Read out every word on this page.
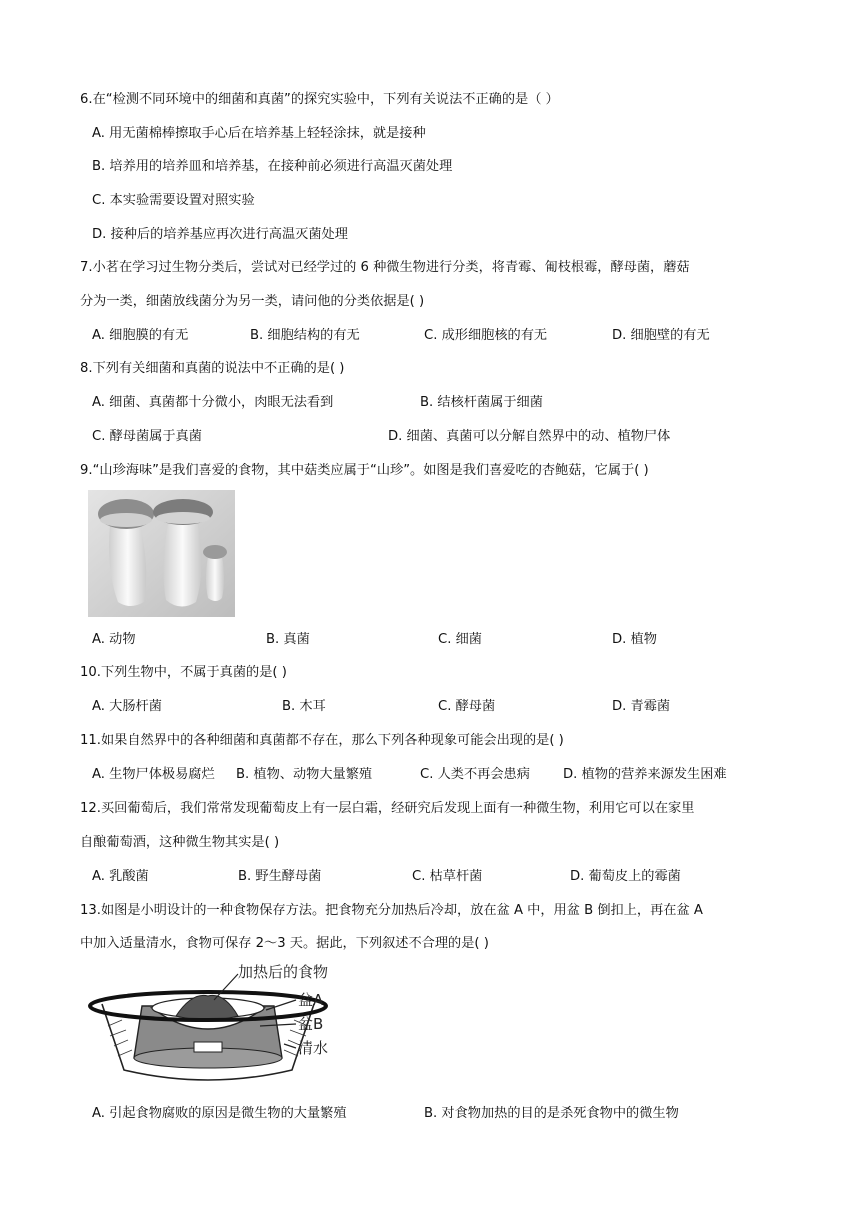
6.在“检测不同环境中的细菌和真菌”的探究实验中，下列有关说法不正确的是（ ）
A. 用无菌棉棒擦取手心后在培养基上轻轻涂抹，就是接种
B. 培养用的培养皿和培养基，在接种前必须进行高温灭菌处理
C. 本实验需要设置对照实验
D. 接种后的培养基应再次进行高温灭菌处理
7.小茗在学习过生物分类后，尝试对已经学过的 6 种微生物进行分类，将青霉、匍枝根霉，酵母菌，蘑菇
分为一类，细菌放线菌分为另一类，请问他的分类依据是( )
A. 细胞膜的有无	B. 细胞结构的有无	C. 成形细胞核的有无	D. 细胞壁的有无
8.下列有关细菌和真菌的说法中不正确的是( )
A. 细菌、真菌都十分微小，肉眼无法看到	B. 结核杆菌属于细菌
C. 酵母菌属于真菌	D. 细菌、真菌可以分解自然界中的动、植物尸体
9.“山珍海味”是我们喜爱的食物，其中菇类应属于“山珍”。如图是我们喜爱吃的杏鲍菇，它属于( )
A. 动物	B. 真菌	C. 细菌	D. 植物
10.下列生物中，不属于真菌的是( )
A. 大肠杆菌	B. 木耳	C. 酵母菌	D. 青霉菌
11.如果自然界中的各种细菌和真菌都不存在，那么下列各种现象可能会出现的是( )
A. 生物尸体极易腐烂 B. 植物、动物大量繁殖	C. 人类不再会患病	D. 植物的营养来源发生困难
12.买回葡萄后，我们常常发现葡萄皮上有一层白霜，经研究后发现上面有一种微生物，利用它可以在家里
自酿葡萄酒，这种微生物其实是( )
A. 乳酸菌	B. 野生酵母菌	C. 枯草杆菌	D. 葡萄皮上的霉菌
13.如图是小明设计的一种食物保存方法。把食物充分加热后冷却，放在盆 A 中，用盆 B 倒扣上，再在盆 A
中加入适量清水，食物可保存 2～3 天。据此，下列叙述不合理的是( )
加热后的食物
盆A
盆B
清水
A. 引起食物腐败的原因是微生物的大量繁殖	B. 对食物加热的目的是杀死食物中的微生物
